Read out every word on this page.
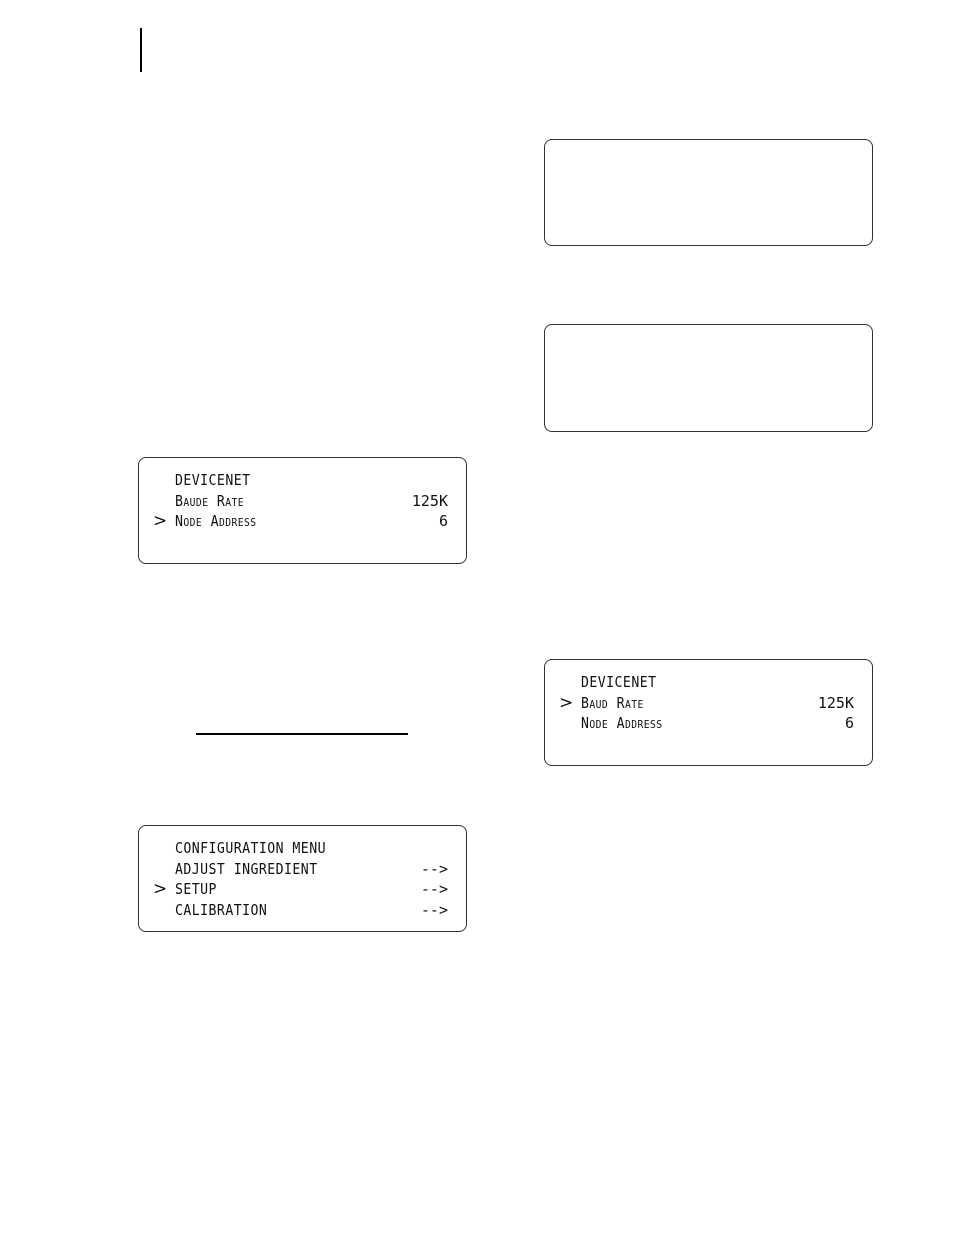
DEVICENET
BAUDE RATE	125K
> NODE ADDRESS	6
CONFIGURATION MENU
ADJUST INGREDIENT	-->
> SETUP	-->
CALIBRATION	-->
DEVICENET
> BAUD RATE	125K
NODE ADDRESS	6
